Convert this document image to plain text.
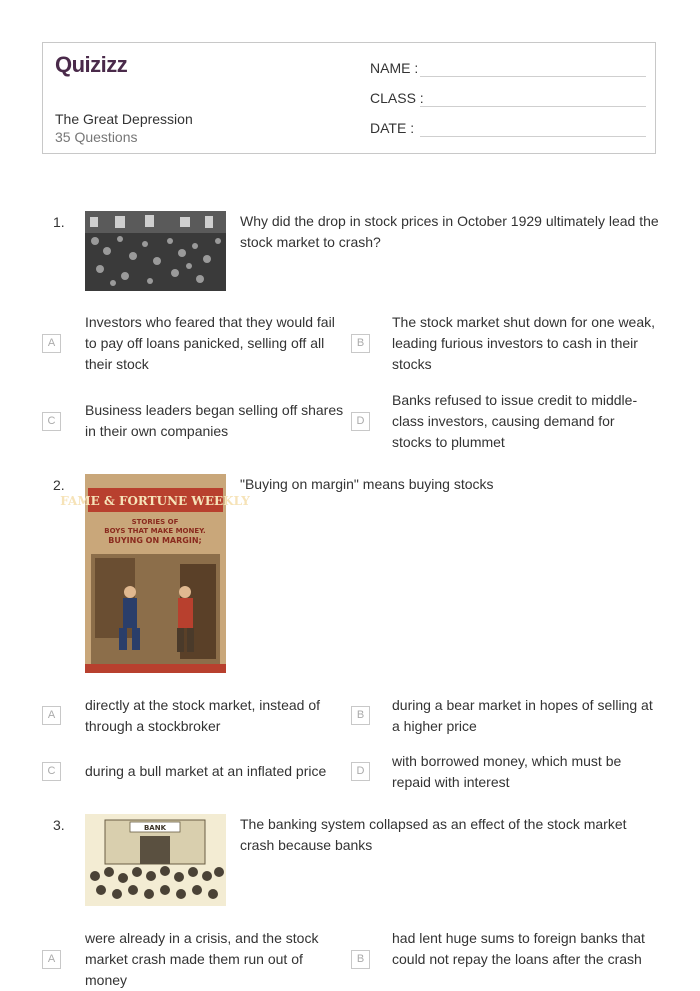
Quizizz
The Great Depression
35 Questions
NAME :
CLASS :
DATE :
1.	Why did the drop in stock prices in October 1929 ultimately lead the stock market to crash?
A
Investors who feared that they would fail to pay off loans panicked, selling off all their stock
B
The stock market shut down for one weak, leading furious investors to cash in their stocks
C
Business leaders began selling off shares in their own companies
D
Banks refused to issue credit to middle-class investors, causing demand for stocks to plummet
2.
FAME & FORTUNE WEEKLY
STORIES OF
BOYS THAT MAKE MONEY.
BUYING ON MARGIN;
"Buying on margin" means buying stocks
A
directly at the stock market, instead of through a stockbroker
B
during a bear market in hopes of selling at a higher price
C	during a bull market at an inflated price	D
with borrowed money, which must be repaid with interest
3.	BANK	The banking system collapsed as an effect of the stock market crash because banks
A
were already in a crisis, and the stock market crash made them run out of money
B
had lent huge sums to foreign banks that could not repay the loans after the crash
